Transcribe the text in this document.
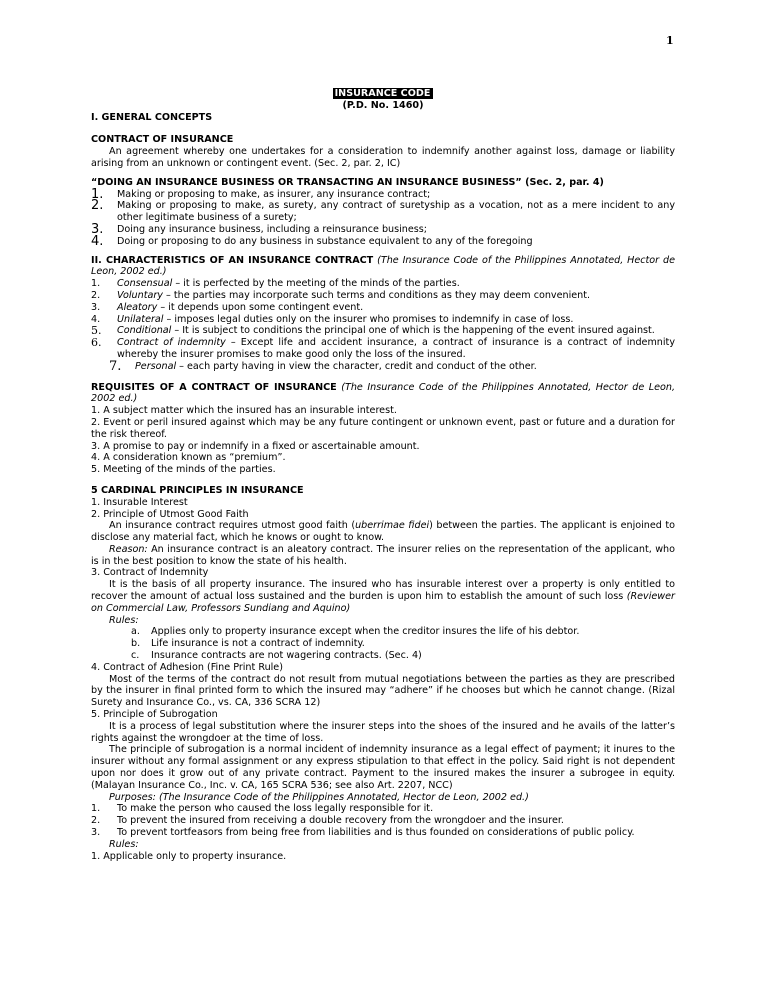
1
INSURANCE CODE
(P.D. No. 1460)
I. GENERAL CONCEPTS
CONTRACT OF INSURANCE

An agreement whereby one undertakes for a consideration to indemnify another against loss, damage or liability arising from an unknown or contingent event. (Sec. 2, par. 2, IC)

“DOING AN INSURANCE BUSINESS OR TRANSACTING AN INSURANCE BUSINESS” (Sec. 2, par. 4)
1.	Making or proposing to make, as insurer, any insurance contract;
2.	Making or proposing to make, as surety, any contract of suretyship as a vocation, not as a mere incident to any other legitimate business of a surety;
3.	Doing any insurance business, including a reinsurance business;
4.	Doing or proposing to do any business in substance equivalent to any of the foregoing

II. CHARACTERISTICS OF AN INSURANCE CONTRACT (The Insurance Code of the Philippines Annotated, Hector de Leon, 2002 ed.)

1.	Consensual – it is perfected by the meeting of the minds of the parties.
2.	Voluntary – the parties may incorporate such terms and conditions as they may deem convenient.
3.	Aleatory – it depends upon some contingent event.
4.	Unilateral – imposes legal duties only on the insurer who promises to indemnify in case of loss.
5.	Conditional – It is subject to conditions the principal one of which is the happening of the event insured against.
6.	Contract of indemnity – Except life and accident insurance, a contract of insurance is a contract of indemnity whereby the insurer promises to make good only the loss of the insured.
7.	Personal – each party having in view the character, credit and conduct of the other.

REQUISITES OF A CONTRACT OF INSURANCE (The Insurance Code of the Philippines Annotated, Hector de Leon, 2002 ed.)

1. A subject matter which the insured has an insurable interest.

2. Event or peril insured against which may be any future contingent or unknown event, past or future and a duration for the risk thereof.

3. A promise to pay or indemnify in a fixed or ascertainable amount.

4. A consideration known as “premium”.

5. Meeting of the minds of the parties.

5 CARDINAL PRINCIPLES IN INSURANCE
1. Insurable Interest
2. Principle of Utmost Good Faith

An insurance contract requires utmost good faith (uberrimae fidei) between the parties. The applicant is enjoined to disclose any material fact, which he knows or ought to know.

Reason: An insurance contract is an aleatory contract. The insurer relies on the representation of the applicant, who is in the best position to know the state of his health.

3. Contract of Indemnity

It is the basis of all property insurance. The insured who has insurable interest over a property is only entitled to recover the amount of actual loss sustained and the burden is upon him to establish the amount of such loss (Reviewer on Commercial Law, Professors Sundiang and Aquino)

Rules:
a.	Applies only to property insurance except when the creditor insures the life of his debtor.
b.	Life insurance is not a contract of indemnity.
c.	Insurance contracts are not wagering contracts. (Sec. 4)
4. Contract of Adhesion (Fine Print Rule)

Most of the terms of the contract do not result from mutual negotiations between the parties as they are prescribed by the insurer in final printed form to which the insured may “adhere” if he chooses but which he cannot change. (Rizal Surety and Insurance Co., vs. CA, 336 SCRA 12)

5. Principle of Subrogation

It is a process of legal substitution where the insurer steps into the shoes of the insured and he avails of the latter’s rights against the wrongdoer at the time of loss.

The principle of subrogation is a normal incident of indemnity insurance as a legal effect of payment; it inures to the insurer without any formal assignment or any express stipulation to that effect in the policy. Said right is not dependent upon nor does it grow out of any private contract. Payment to the insured makes the insurer a subrogee in equity. (Malayan Insurance Co., Inc. v. CA, 165 SCRA 536; see also Art. 2207, NCC)

Purposes: (The Insurance Code of the Philippines Annotated, Hector de Leon, 2002 ed.)
1.	To make the person who caused the loss legally responsible for it.
2.	To prevent the insured from receiving a double recovery from the wrongdoer and the insurer.
3.	To prevent tortfeasors from being free from liabilities and is thus founded on considerations of public policy.
Rules:
1. Applicable only to property insurance.
